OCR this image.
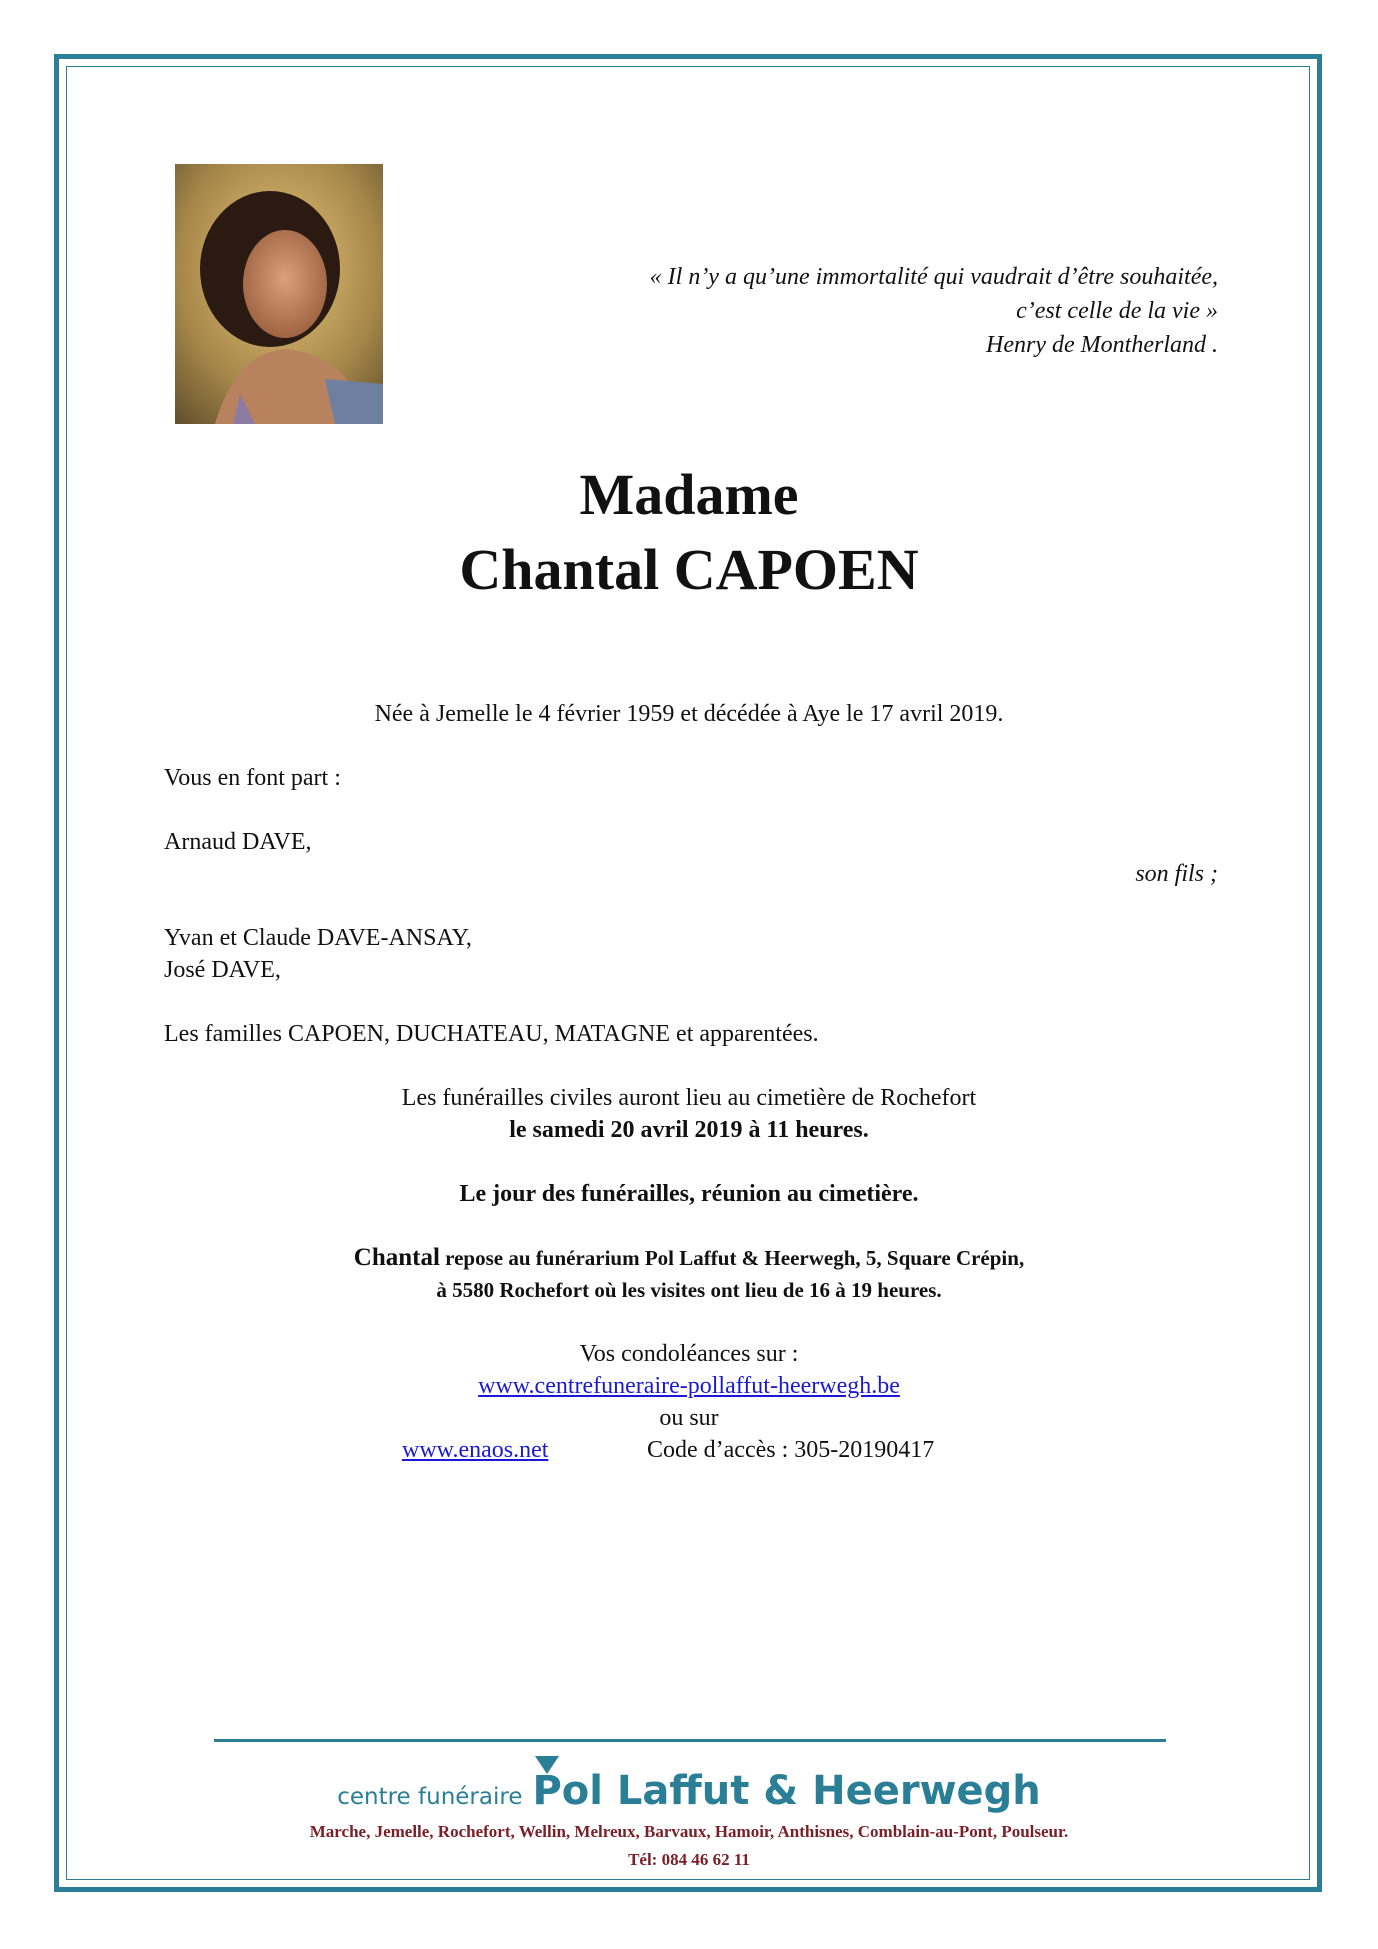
« Il n’y a qu’une immortalité qui vaudrait d’être souhaitée,
c’est celle de la vie »
Henry de Montherland .
Madame
Chantal CAPOEN
Née à Jemelle le 4 février 1959 et décédée à Aye le 17 avril 2019.
Vous en font part :
Arnaud DAVE,
son fils ;
Yvan et Claude DAVE-ANSAY,
José DAVE,
Les familles CAPOEN, DUCHATEAU, MATAGNE et apparentées.
Les funérailles civiles auront lieu au cimetière de Rochefort
le samedi 20 avril 2019 à 11 heures.
Le jour des funérailles, réunion au cimetière.
Chantal repose au funérarium Pol Laffut & Heerwegh, 5, Square Crépin,
à 5580 Rochefort où les visites ont lieu de 16 à 19 heures.
Vos condoléances sur :
www.centrefuneraire-pollaffut-heerwegh.be
ou sur
www.enaos.net	Code d’accès : 305-20190417
centre funéraire Pol Laffut & Heerwegh
Marche, Jemelle, Rochefort, Wellin, Melreux, Barvaux, Hamoir, Anthisnes, Comblain-au-Pont, Poulseur.
Tél: 084 46 62 11
